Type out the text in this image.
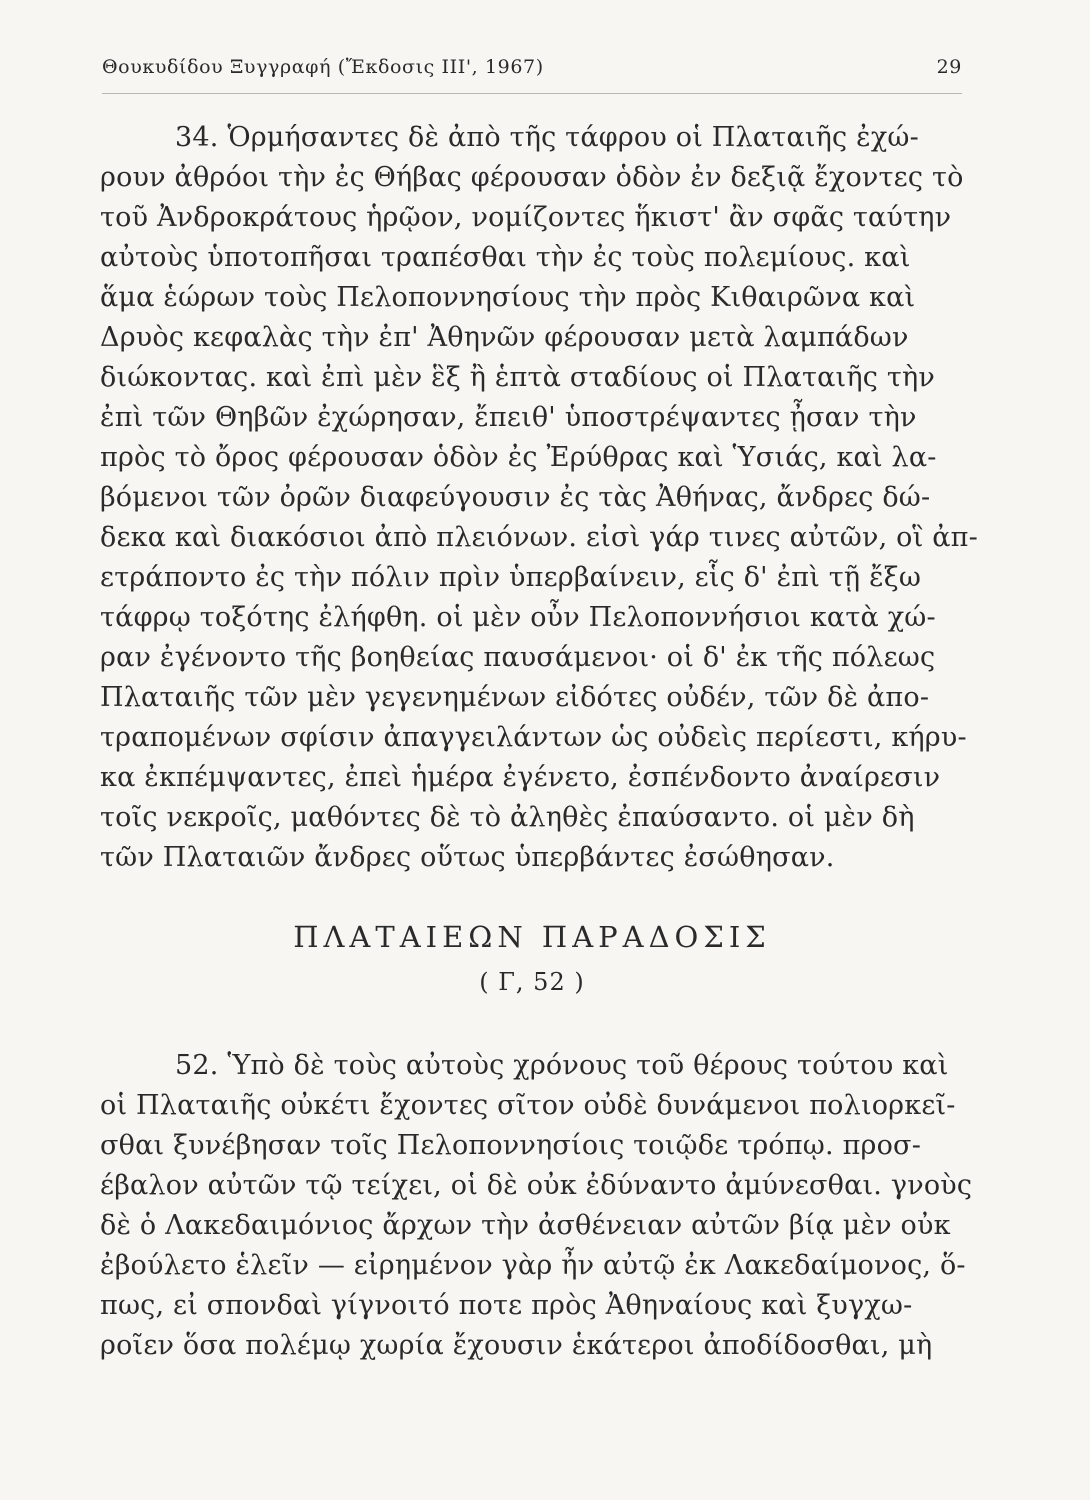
Θουκυδίδου Ξυγγραφή (Ἔκδοσις ΙΙΙ', 1967)	29
34. Ὁρμήσαντες δὲ ἀπὸ τῆς τάφρου οἱ Πλαταιῆς ἐχώ-
ρουν ἀθρόοι τὴν ἐς Θήβας φέρουσαν ὁδὸν ἐν δεξιᾷ ἔχοντες τὸ
τοῦ Ἀνδροκράτους ἡρῷον, νομίζοντες ἥκιστ' ἂν σφᾶς ταύτην
αὐτοὺς ὑποτοπῆσαι τραπέσθαι τὴν ἐς τοὺς πολεμίους. καὶ
ἅμα ἑώρων τοὺς Πελοποννησίους τὴν πρὸς Κιθαιρῶνα καὶ
Δρυὸς κεφαλὰς τὴν ἐπ' Ἀθηνῶν φέρουσαν μετὰ λαμπάδων
διώκοντας. καὶ ἐπὶ μὲν ἓξ ἢ ἑπτὰ σταδίους οἱ Πλαταιῆς τὴν
ἐπὶ τῶν Θηβῶν ἐχώρησαν, ἔπειθ' ὑποστρέψαντες ᾖσαν τὴν
πρὸς τὸ ὄρος φέρουσαν ὁδὸν ἐς Ἐρύθρας καὶ Ὑσιάς, καὶ λα-
βόμενοι τῶν ὀρῶν διαφεύγουσιν ἐς τὰς Ἀθήνας, ἄνδρες δώ-
δεκα καὶ διακόσιοι ἀπὸ πλειόνων. εἰσὶ γάρ τινες αὐτῶν, οἳ ἀπ-
ετράποντο ἐς τὴν πόλιν πρὶν ὑπερβαίνειν, εἷς δ' ἐπὶ τῇ ἔξω
τάφρῳ τοξότης ἐλήφθη. οἱ μὲν οὖν Πελοποννήσιοι κατὰ χώ-
ραν ἐγένοντο τῆς βοηθείας παυσάμενοι· οἱ δ' ἐκ τῆς πόλεως
Πλαταιῆς τῶν μὲν γεγενημένων εἰδότες οὐδέν, τῶν δὲ ἀπο-
τραπομένων σφίσιν ἀπαγγειλάντων ὡς οὐδεὶς περίεστι, κήρυ-
κα ἐκπέμψαντες, ἐπεὶ ἡμέρα ἐγένετο, ἐσπένδοντο ἀναίρεσιν
τοῖς νεκροῖς, μαθόντες δὲ τὸ ἀληθὲς ἐπαύσαντο. οἱ μὲν δὴ
τῶν Πλαταιῶν ἄνδρες οὕτως ὑπερβάντες ἐσώθησαν.
ΠΛΑΤΑΙΕΩΝ ΠΑΡΑΔΟΣΙΣ
( Γ, 52 )
52. Ὑπὸ δὲ τοὺς αὐτοὺς χρόνους τοῦ θέρους τούτου καὶ
οἱ Πλαταιῆς οὐκέτι ἔχοντες σῖτον οὐδὲ δυνάμενοι πολιορκεῖ-
σθαι ξυνέβησαν τοῖς Πελοποννησίοις τοιῷδε τρόπῳ. προσ-
έβαλον αὐτῶν τῷ τείχει, οἱ δὲ οὐκ ἐδύναντο ἀμύνεσθαι. γνοὺς
δὲ ὁ Λακεδαιμόνιος ἄρχων τὴν ἀσθένειαν αὐτῶν βίᾳ μὲν οὐκ
ἐβούλετο ἑλεῖν — εἰρημένον γὰρ ἦν αὐτῷ ἐκ Λακεδαίμονος, ὅ-
πως, εἰ σπονδαὶ γίγνοιτό ποτε πρὸς Ἀθηναίους καὶ ξυγχω-
ροῖεν ὅσα πολέμῳ χωρία ἔχουσιν ἑκάτεροι ἀποδίδοσθαι, μὴ
